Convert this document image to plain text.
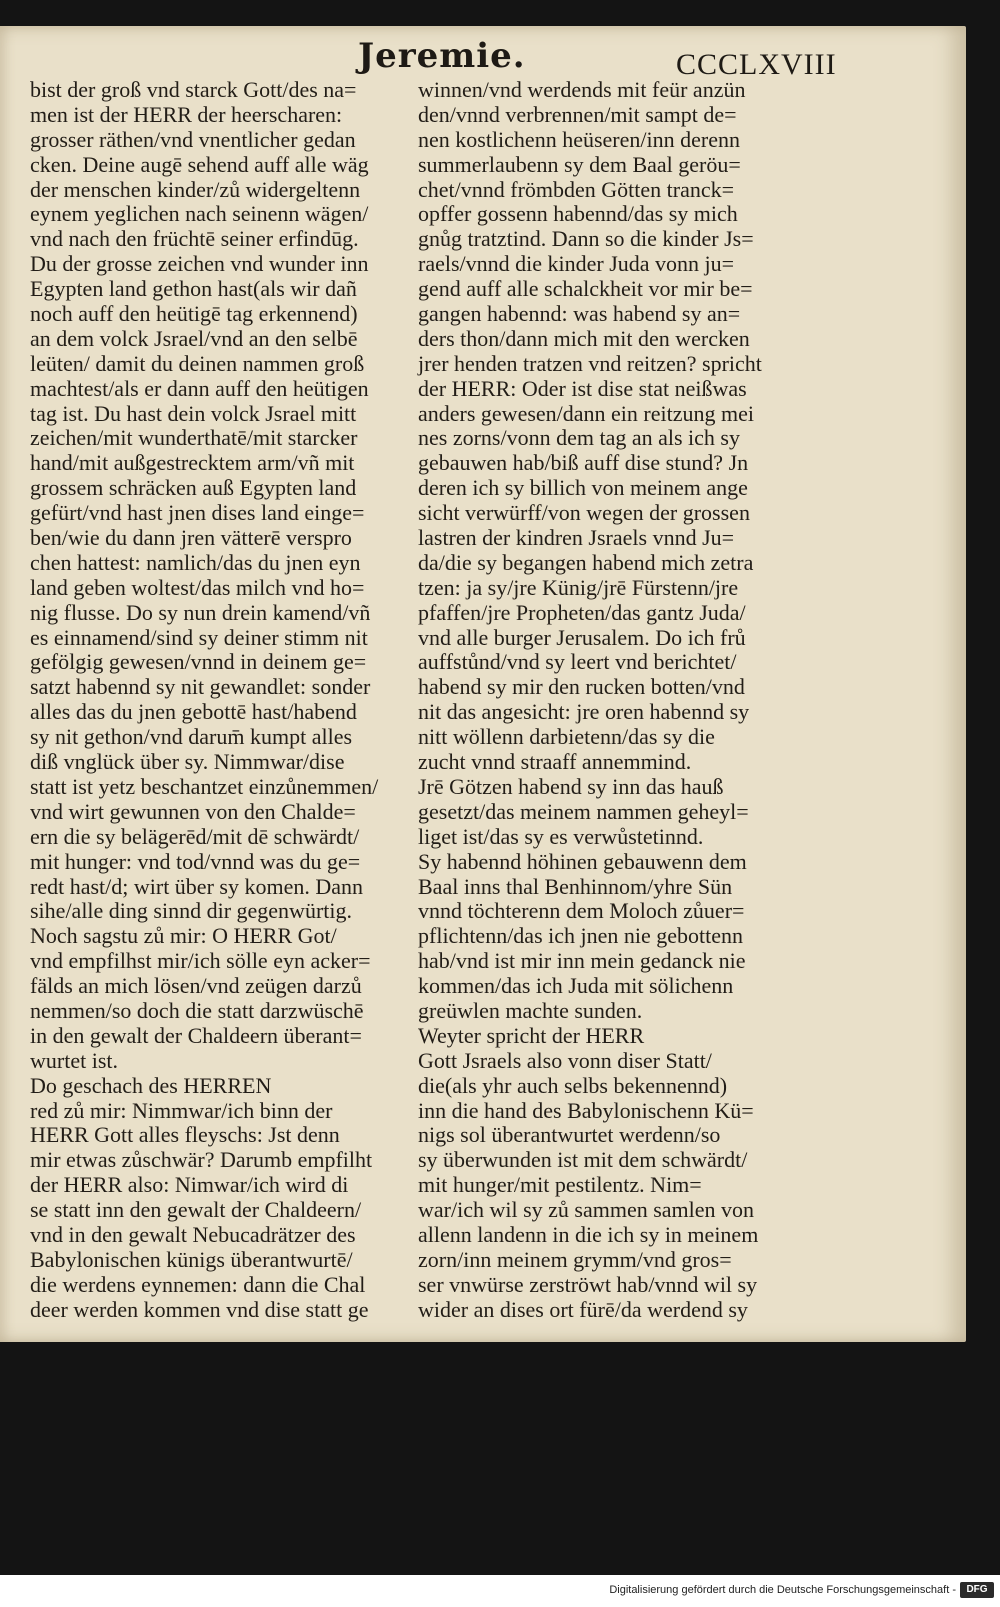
Jeremie.	CCCLXVIII
bist der groß vnd starck Gott/des na=
men ist der HERR der heerscharen:
grosser räthen/vnd vnentlicher gedan
cken. Deine augē sehend auff alle wäg
der menschen kinder/zů widergeltenn
eynem yeglichen nach seinenn wägen/
vnd nach den früchtē seiner erfindūg.
Du der grosse zeichen vnd wunder inn
Egypten land gethon hast(als wir dañ
noch auff den heütigē tag erkennend)
an dem volck Jsrael/vnd an den selbē
leüten/ damit du deinen nammen groß
machtest/als er dann auff den heütigen
tag ist. Du hast dein volck Jsrael mitt
zeichen/mit wunderthatē/mit starcker
hand/mit außgestrecktem arm/vñ mit
grossem schräcken auß Egypten land
gefürt/vnd hast jnen dises land einge=
ben/wie du dann jren vätterē verspro
chen hattest: namlich/das du jnen eyn
land geben woltest/das milch vnd ho=
nig flusse. Do sy nun drein kamend/vñ
es einnamend/sind sy deiner stimm nit
gefölgig gewesen/vnnd in deinem ge=
satzt habennd sy nit gewandlet: sonder
alles das du jnen gebottē hast/habend
sy nit gethon/vnd darum̄ kumpt alles
diß vnglück über sy. Nimmwar/dise
statt ist yetz beschantzet einzůnemmen/
vnd wirt gewunnen von den Chalde=
ern die sy belägerēd/mit dē schwärdt/
mit hunger: vnd tod/vnnd was du ge=
redt hast/d; wirt über sy komen. Dann
sihe/alle ding sinnd dir gegenwürtig.
Noch sagstu zů mir: O HERR Got/
vnd empfilhst mir/ich sölle eyn acker=
fälds an mich lösen/vnd zeügen darzů
nemmen/so doch die statt darzwüschē
in den gewalt der Chaldeern überant=
wurtet ist.
Do geschach des HERREN
red zů mir: Nimmwar/ich binn der
HERR Gott alles fleyschs: Jst denn
mir etwas zůschwär? Darumb empfilht
der HERR also: Nimwar/ich wird di
se statt inn den gewalt der Chaldeern/
vnd in den gewalt Nebucadrätzer des
Babylonischen künigs überantwurtē/
die werdens eynnemen: dann die Chal
deer werden kommen vnd dise statt ge
winnen/vnd werdends mit feür anzün
den/vnnd verbrennen/mit sampt de=
nen kostlichenn heüseren/inn derenn
summerlaubenn sy dem Baal geröu=
chet/vnnd frömbden Götten tranck=
opffer gossenn habennd/das sy mich
gnůg tratztind. Dann so die kinder Js=
raels/vnnd die kinder Juda vonn ju=
gend auff alle schalckheit vor mir be=
gangen habennd: was habend sy an=
ders thon/dann mich mit den wercken
jrer henden tratzen vnd reitzen? spricht
der HERR: Oder ist dise stat neißwas
anders gewesen/dann ein reitzung mei
nes zorns/vonn dem tag an als ich sy
gebauwen hab/biß auff dise stund? Jn
deren ich sy billich von meinem ange
sicht verwürff/von wegen der grossen
lastren der kindren Jsraels vnnd Ju=
da/die sy begangen habend mich zetra
tzen: ja sy/jre Künig/jrē Fürstenn/jre
pfaffen/jre Propheten/das gantz Juda/
vnd alle burger Jerusalem. Do ich frů
auffstůnd/vnd sy leert vnd berichtet/
habend sy mir den rucken botten/vnd
nit das angesicht: jre oren habennd sy
nitt wöllenn darbietenn/das sy die
zucht vnnd straaff annemmind.
Jrē Götzen habend sy inn das hauß
gesetzt/das meinem nammen geheyl=
liget ist/das sy es verwůstetinnd.
Sy habennd höhinen gebauwenn dem
Baal inns thal Benhinnom/yhre Sün
vnnd töchterenn dem Moloch zůuer=
pflichtenn/das ich jnen nie gebottenn
hab/vnd ist mir inn mein gedanck nie
kommen/das ich Juda mit sölichenn
greüwlen machte sunden.
Weyter spricht der HERR
Gott Jsraels also vonn diser Statt/
die(als yhr auch selbs bekennennd)
inn die hand des Babylonischenn Kü=
nigs sol überantwurtet werdenn/so
sy überwunden ist mit dem schwärdt/
mit hunger/mit pestilentz. Nim=
war/ich wil sy zů sammen samlen von
allenn landenn in die ich sy in meinem
zorn/inn meinem grymm/vnd gros=
ser vnwürse zerströwt hab/vnnd wil sy
wider an dises ort fürē/da werdend sy
Digitalisierung gefördert durch die Deutsche Forschungsgemeinschaft -	DFG
